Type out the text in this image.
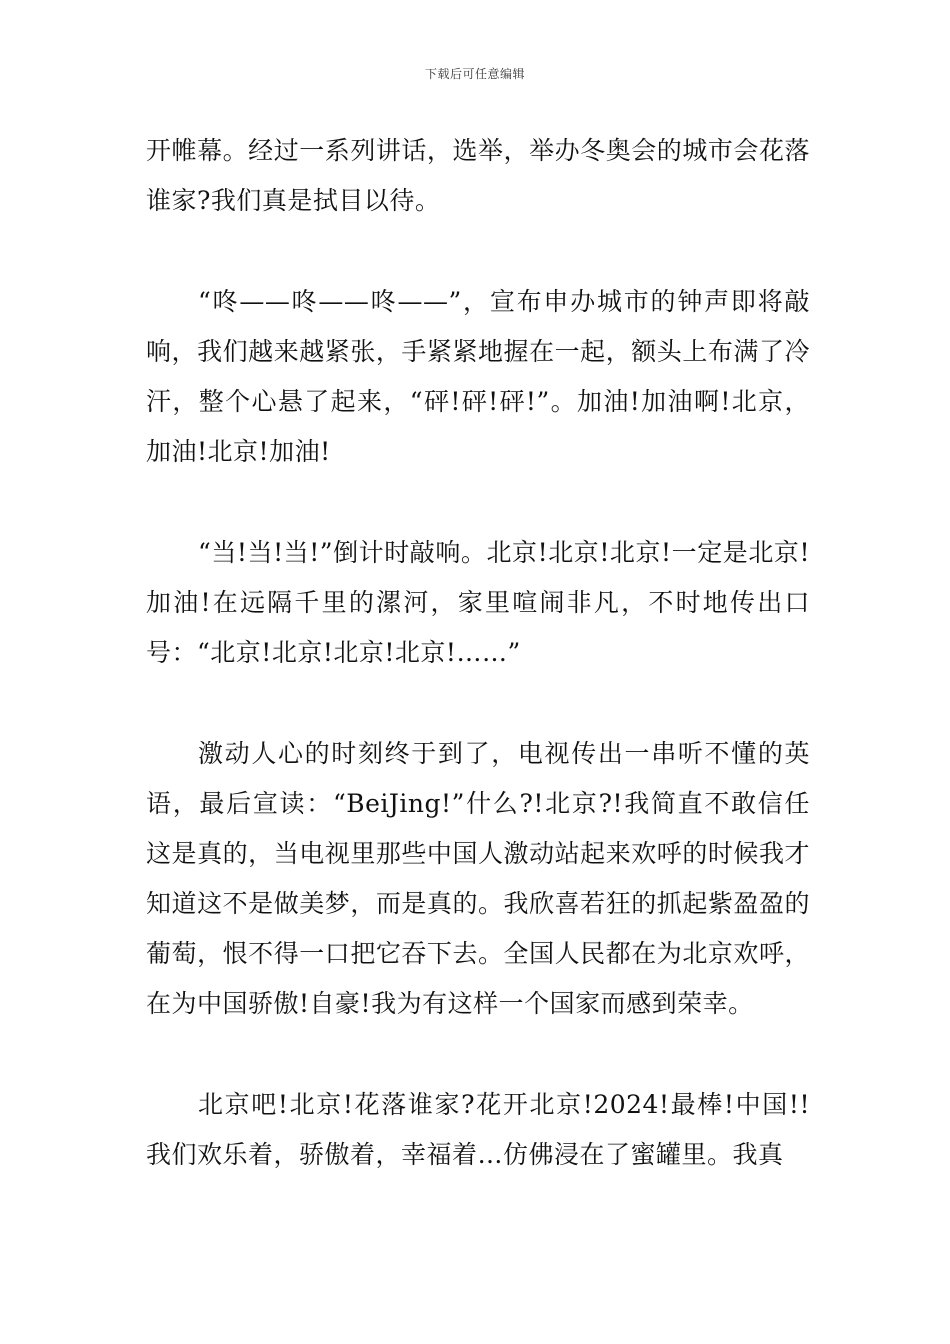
下载后可任意编辑

开帷幕。经过一系列讲话，选举，举办冬奥会的城市会花落谁家?我们真是拭目以待。

“咚——咚——咚——”，宣布申办城市的钟声即将敲响，我们越来越紧张，手紧紧地握在一起，额头上布满了冷汗，整个心悬了起来，“砰!砰!砰!”。加油!加油啊!北京，加油!北京!加油!

“当!当!当!”倒计时敲响。北京!北京!北京!一定是北京!加油!在远隔千里的漯河，家里喧闹非凡，不时地传出口号：“北京!北京!北京!北京!……”

激动人心的时刻终于到了，电视传出一串听不懂的英语，最后宣读：“BeiJing!”什么?!北京?!我简直不敢信任这是真的，当电视里那些中国人激动站起来欢呼的时候我才知道这不是做美梦，而是真的。我欣喜若狂的抓起紫盈盈的葡萄，恨不得一口把它吞下去。全国人民都在为北京欢呼，在为中国骄傲!自豪!我为有这样一个国家而感到荣幸。

北京吧!北京!花落谁家?花开北京!2024!最棒!中国!!我们欢乐着，骄傲着，幸福着…仿佛浸在了蜜罐里。我真
